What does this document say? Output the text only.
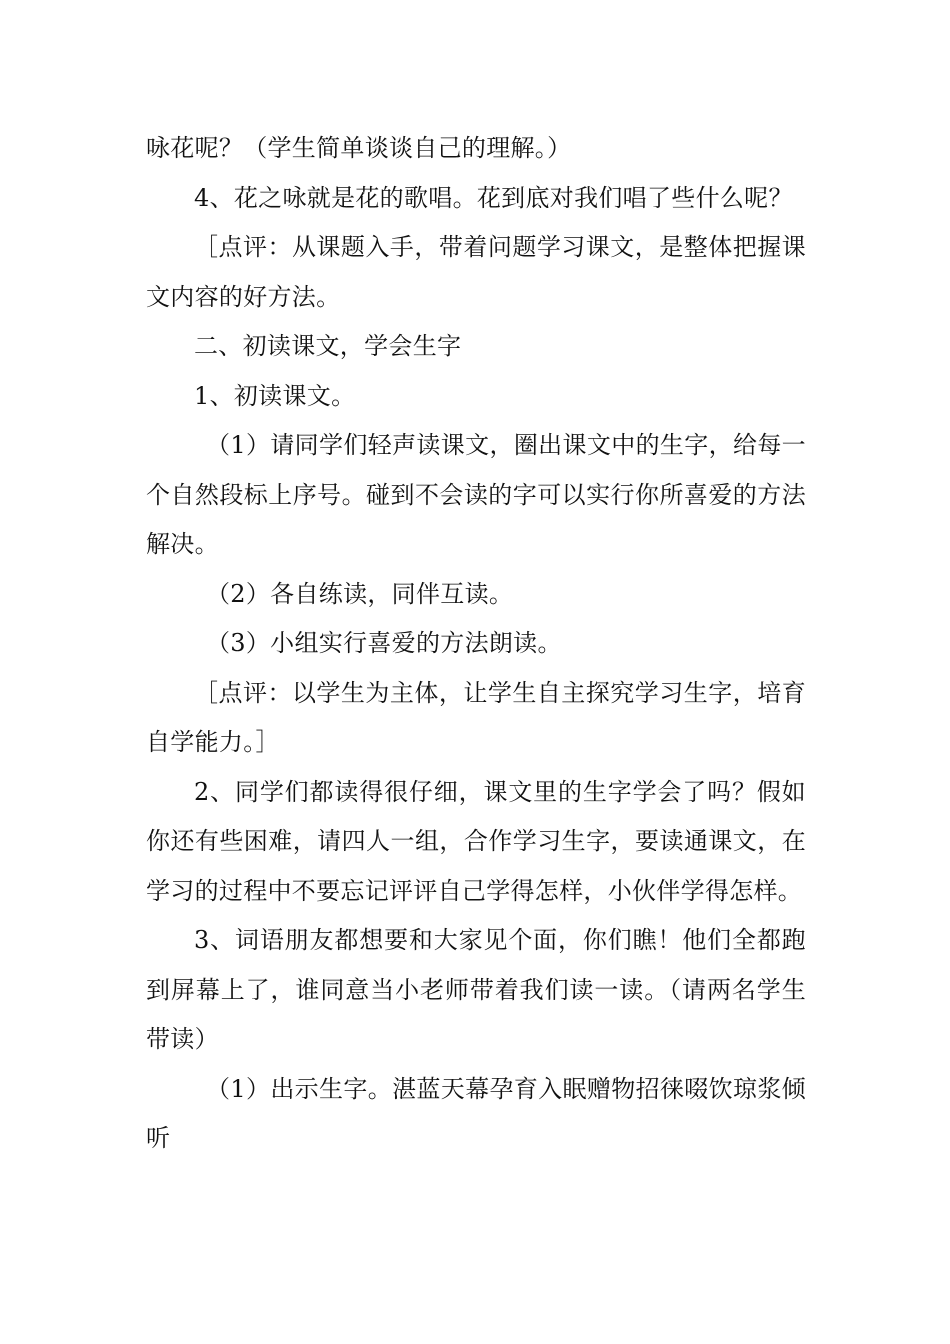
咏花呢？（学生简单谈谈自己的理解。）

4、花之咏就是花的歌唱。花到底对我们唱了些什么呢？

［点评：从课题入手，带着问题学习课文，是整体把握课文内容的好方法。

二、初读课文，学会生字

1、初读课文。

（1）请同学们轻声读课文，圈出课文中的生字，给每一个自然段标上序号。碰到不会读的字可以实行你所喜爱的方法解决。

（2）各自练读，同伴互读。

（3）小组实行喜爱的方法朗读。

［点评：以学生为主体，让学生自主探究学习生字，培育自学能力。］

2、同学们都读得很仔细，课文里的生字学会了吗？假如你还有些困难，请四人一组，合作学习生字，要读通课文，在学习的过程中不要忘记评评自己学得怎样，小伙伴学得怎样。

3、词语朋友都想要和大家见个面，你们瞧！他们全都跑到屏幕上了，谁同意当小老师带着我们读一读。（请两名学生带读）

（1）出示生字。湛蓝天幕孕育入眠赠物招徕啜饮琼浆倾听
